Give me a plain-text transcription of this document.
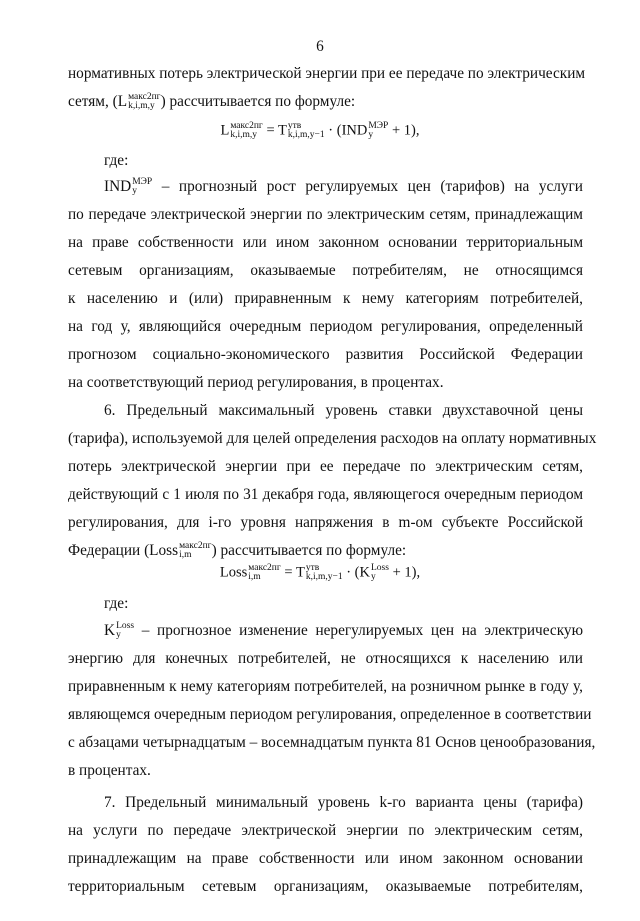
6
нормативных потерь электрической энергии при ее передаче по электрическим
сетям, (L макс2пг
k,i,m,y ) рассчитывается по формуле:
L макс2пг
k,i,m,y = T утв
k,i,m,y−1 · (IND МЭР
y	+ 1),
где:
IND МЭР
y	– прогнозный рост регулируемых цен (тарифов) на услуги
по передаче электрической энергии по электрическим сетям, принадлежащим
на праве собственности или ином законном основании территориальным
сетевым организациям, оказываемые потребителям, не относящимся
к населению и (или) приравненным к нему категориям потребителей,
на год у, являющийся очередным периодом регулирования, определенный
прогнозом социально-экономического развития Российской Федерации
на соответствующий период регулирования, в процентах.
6. Предельный максимальный уровень ставки двухставочной цены
(тарифа), используемой для целей определения расходов на оплату нормативных
потерь электрической энергии при ее передаче по электрическим сетям,
действующий с 1 июля по 31 декабря года, являющегося очередным периодом
регулирования, для i-го уровня напряжения в m-ом субъекте Российской
Федерации (Loss макс2пг
i,m	) рассчитывается по формуле:
Loss макс2пг
i,m	= T утв
k,i,m,y−1 · (K Loss
y + 1),
где:
K Loss
y	– прогнозное изменение нерегулируемых цен на электрическую
энергию для конечных потребителей, не относящихся к населению или
приравненным к нему категориям потребителей, на розничном рынке в году у,
являющемся очередным периодом регулирования, определенное в соответствии
с абзацами четырнадцатым – восемнадцатым пункта 81 Основ ценообразования,
в процентах.
7. Предельный минимальный уровень k-го варианта цены (тарифа)
на услуги по передаче электрической энергии по электрическим сетям,
принадлежащим на праве собственности или ином законном основании
территориальным сетевым организациям, оказываемые потребителям,
